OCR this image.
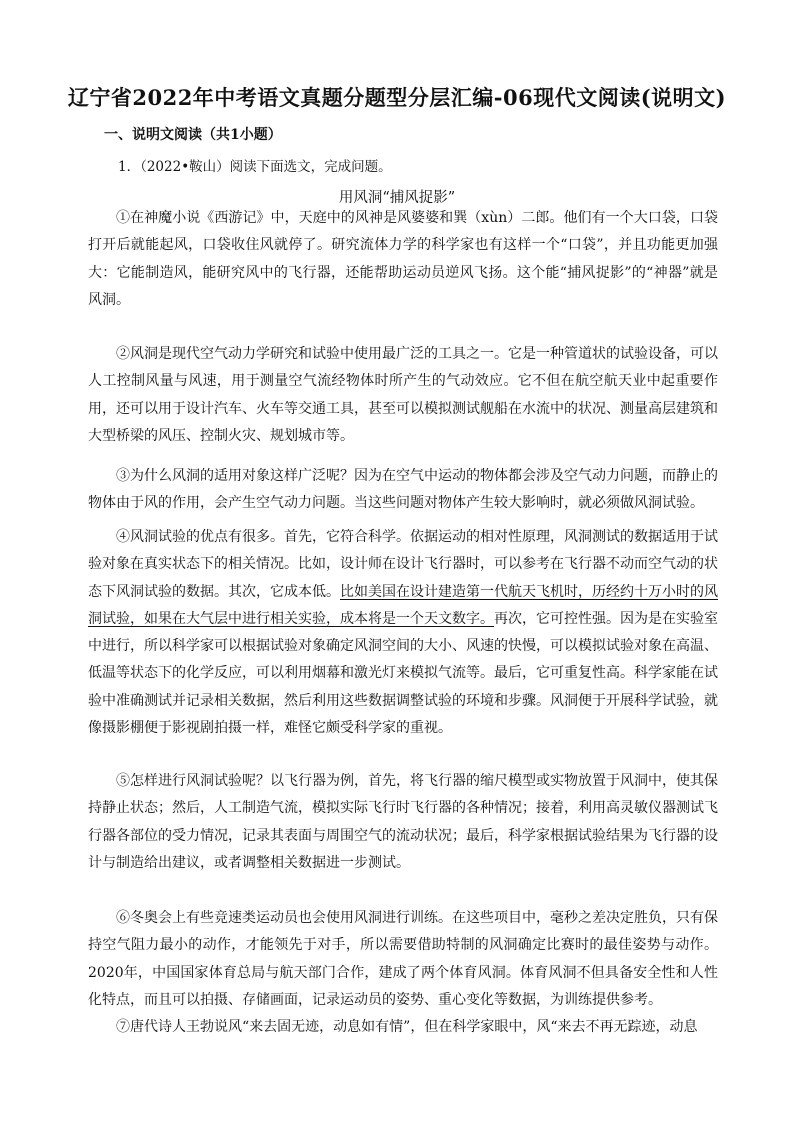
辽宁省2022年中考语文真题分题型分层汇编-06现代文阅读(说明文)
一、说明文阅读（共1小题）
1．（2022•鞍山）阅读下面选文，完成问题。
用风洞“捕风捉影”

①在神魔小说《西游记》中，天庭中的风神是风婆婆和巽（xùn）二郎。他们有一个大口袋，口袋打开后就能起风，口袋收住风就停了。研究流体力学的科学家也有这样一个“口袋”，并且功能更加强大：它能制造风，能研究风中的飞行器，还能帮助运动员逆风飞扬。这个能“捕风捉影”的“神器”就是风洞。

②风洞是现代空气动力学研究和试验中使用最广泛的工具之一。它是一种管道状的试验设备，可以人工控制风量与风速，用于测量空气流经物体时所产生的气动效应。它不但在航空航天业中起重要作用，还可以用于设计汽车、火车等交通工具，甚至可以模拟测试舰船在水流中的状况、测量高层建筑和大型桥梁的风压、控制火灾、规划城市等。

③为什么风洞的适用对象这样广泛呢？因为在空气中运动的物体都会涉及空气动力问题，而静止的物体由于风的作用，会产生空气动力问题。当这些问题对物体产生较大影响时，就必须做风洞试验。

④风洞试验的优点有很多。首先，它符合科学。依据运动的相对性原理，风洞测试的数据适用于试验对象在真实状态下的相关情况。比如，设计师在设计飞行器时，可以参考在飞行器不动而空气动的状态下风洞试验的数据。其次，它成本低。比如美国在设计建造第一代航天飞机时，历经约十万小时的风洞试验，如果在大气层中进行相关实验，成本将是一个天文数字。再次，它可控性强。因为是在实验室中进行，所以科学家可以根据试验对象确定风洞空间的大小、风速的快慢，可以模拟试验对象在高温、低温等状态下的化学反应，可以利用烟幕和激光灯来模拟气流等。最后，它可重复性高。科学家能在试验中准确测试并记录相关数据，然后利用这些数据调整试验的环境和步骤。风洞便于开展科学试验，就像摄影棚便于影视剧拍摄一样，难怪它颇受科学家的重视。

⑤怎样进行风洞试验呢？以飞行器为例，首先，将飞行器的缩尺模型或实物放置于风洞中，使其保持静止状态；然后，人工制造气流，模拟实际飞行时飞行器的各种情况；接着，利用高灵敏仪器测试飞行器各部位的受力情况，记录其表面与周围空气的流动状况；最后，科学家根据试验结果为飞行器的设计与制造给出建议，或者调整相关数据进一步测试。

⑥冬奥会上有些竞速类运动员也会使用风洞进行训练。在这些项目中，毫秒之差决定胜负，只有保持空气阻力最小的动作，才能领先于对手，所以需要借助特制的风洞确定比赛时的最佳姿势与动作。2020年，中国国家体育总局与航天部门合作，建成了两个体育风洞。体育风洞不但具备安全性和人性化特点，而且可以拍摄、存储画面，记录运动员的姿势、重心变化等数据，为训练提供参考。

⑦唐代诗人王勃说风“来去固无迹，动息如有情”，但在科学家眼中，风“来去不再无踪迹，动息
